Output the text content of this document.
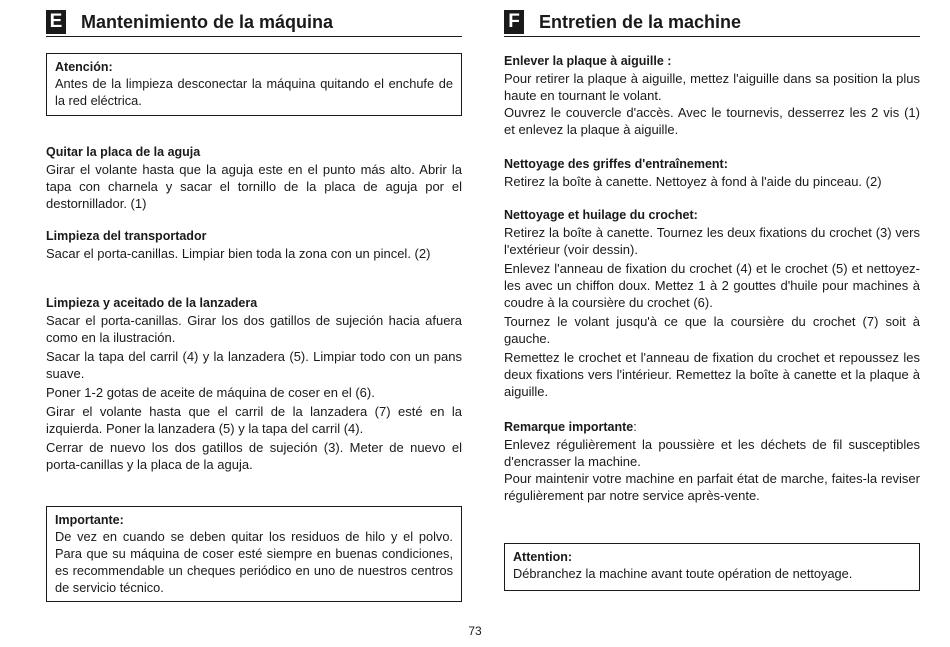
E Mantenimiento de la máquina
Atención:

Antes de la limpieza desconectar la máquina quitando el enchufe de la red eléctrica.

Quitar la placa de la aguja

Girar el volante hasta que la aguja este en el punto más alto. Abrir la tapa con charnela y sacar el tornillo de la placa de aguja por el destornillador. (1)

Limpieza del transportador

Sacar el porta-canillas. Limpiar bien toda la zona con un pincel. (2)

Limpieza y aceitado de la lanzadera

Sacar el porta-canillas. Girar los dos gatillos de sujeción hacia afuera como en la ilustración.

Sacar la tapa del carril (4) y la lanzadera (5). Limpiar todo con un pans suave.

Poner 1-2 gotas de aceite de máquina de coser en el (6).

Girar el volante hasta que el carril de la lanzadera (7) esté en la izquierda. Poner la lanzadera (5) y la tapa del carril (4).

Cerrar de nuevo los dos gatillos de sujeción (3). Meter de nuevo el porta-canillas y la placa de la aguja.

Importante:

De vez en cuando se deben quitar los residuos de hilo y el polvo. Para que su máquina de coser esté siempre en buenas condiciones, es recommendable un cheques periódico en uno de nuestros centros de servicio técnico.

F Entretien de la machine
Enlever la plaque à aiguille :

Pour retirer la plaque à aiguille, mettez l'aiguille dans sa position la plus haute en tournant le volant.

Ouvrez le couvercle d'accès. Avec le tournevis, desserrez les 2 vis (1) et enlevez la plaque à aiguille.

Nettoyage des griffes d'entraînement:

Retirez la boîte à canette. Nettoyez à fond à l'aide du pinceau. (2)

Nettoyage et huilage du crochet:

Retirez la boîte à canette. Tournez les deux fixations du crochet (3) vers l'extérieur (voir dessin).

Enlevez l'anneau de fixation du crochet (4) et le crochet (5) et nettoyez-les avec un chiffon doux. Mettez 1 à 2 gouttes d'huile pour machines à coudre à la coursière du crochet (6).

Tournez le volant jusqu'à ce que la coursière du crochet (7) soit à gauche.

Remettez le crochet et l'anneau de fixation du crochet et repoussez les deux fixations vers l'intérieur. Remettez la boîte à canette et la plaque à aiguille.

Remarque importante:

Enlevez régulièrement la poussière et les déchets de fil susceptibles d'encrasser la machine.

Pour maintenir votre machine en parfait état de marche, faites-la reviser régulièrement par notre service après-vente.

Attention:

Débranchez la machine avant toute opération de nettoyage.

73
